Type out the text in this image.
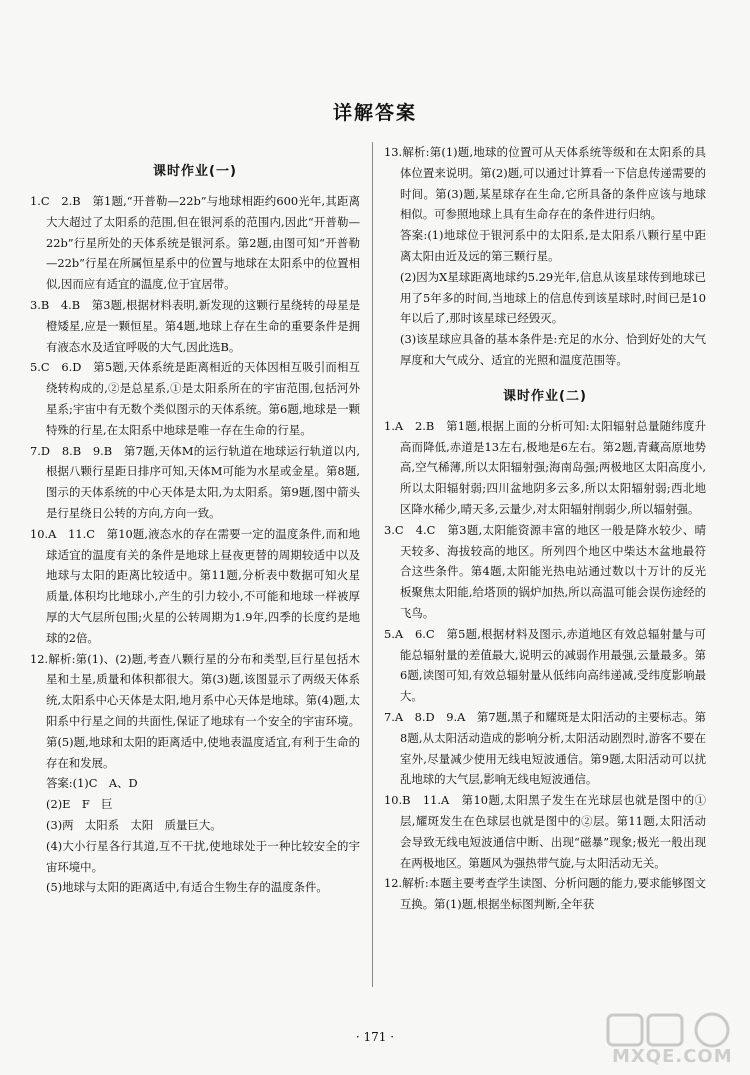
详解答案
课时作业(一)

1.C　2.B　第1题,“开普勒—22b”与地球相距约600光年,其距离大大超过了太阳系的范围,但在银河系的范围内,因此“开普勒—22b”行星所处的天体系统是银河系。第2题,由图可知“开普勒—22b”行星在所属恒星系中的位置与地球在太阳系中的位置相似,因而应有适宜的温度,位于宜居带。

3.B　4.B　第3题,根据材料表明,新发现的这颗行星绕转的母星是橙矮星,应是一颗恒星。第4题,地球上存在生命的重要条件是拥有液态水及适宜呼吸的大气,因此选B。

5.C　6.D　第5题,天体系统是距离相近的天体因相互吸引而相互绕转构成的,②是总星系,①是太阳系所在的宇宙范围,包括河外星系;宇宙中有无数个类似图示的天体系统。第6题,地球是一颗特殊的行星,在太阳系中地球是唯一存在生命的行星。

7.D　8.B　9.B　第7题,天体M的运行轨道在地球运行轨道以内,根据八颗行星距日排序可知,天体M可能为水星或金星。第8题,图示的天体系统的中心天体是太阳,为太阳系。第9题,图中箭头是行星绕日公转的方向,方向一致。

10.A　11.C　第10题,液态水的存在需要一定的温度条件,而和地球适宜的温度有关的条件是地球上昼夜更替的周期较适中以及地球与太阳的距离比较适中。第11题,分析表中数据可知火星质量,体积均比地球小,产生的引力较小,不可能和地球一样被厚厚的大气层所包围;火星的公转周期为1.9年,四季的长度约是地球的2倍。

12.解析:第(1)、(2)题,考查八颗行星的分布和类型,巨行星包括木星和土星,质量和体积都很大。第(3)题,该图显示了两级天体系统,太阳系中心天体是太阳,地月系中心天体是地球。第(4)题,太阳系中行星之间的共面性,保证了地球有一个安全的宇宙环境。第(5)题,地球和太阳的距离适中,使地表温度适宜,有利于生命的存在和发展。

答案:(1)C　A、D

(2)E　F　巨

(3)两　太阳系　太阳　质量巨大。

(4)大小行星各行其道,互不干扰,使地球处于一种比较安全的宇宙环境中。

(5)地球与太阳的距离适中,有适合生物生存的温度条件。

13.解析:第(1)题,地球的位置可从天体系统等级和在太阳系的具体位置来说明。第(2)题,可以通过计算看一下信息传递需要的时间。第(3)题,某星球存在生命,它所具备的条件应该与地球相似。可参照地球上具有生命存在的条件进行归纳。

答案:(1)地球位于银河系中的太阳系,是太阳系八颗行星中距离太阳由近及远的第三颗行星。

(2)因为X星球距离地球约5.29光年,信息从该星球传到地球已用了5年多的时间,当地球上的信息传到该星球时,时间已是10年以后了,那时该星球已经毁灭。

(3)该星球应具备的基本条件是:充足的水分、恰到好处的大气厚度和大气成分、适宜的光照和温度范围等。

课时作业(二)

1.A　2.B　第1题,根据上面的分析可知:太阳辐射总量随纬度升高而降低,赤道是13左右,极地是6左右。第2题,青藏高原地势高,空气稀薄,所以太阳辐射强;海南岛强;两极地区太阳高度小,所以太阳辐射弱;四川盆地阴多云多,所以太阳辐射弱;西北地区降水稀少,晴天多,云量少,对太阳辐射削弱少,所以辐射强。

3.C　4.C　第3题,太阳能资源丰富的地区一般是降水较少、晴天较多、海拔较高的地区。所列四个地区中柴达木盆地最符合这些条件。第4题,太阳能光热电站通过数以十万计的反光板聚焦太阳能,给塔顶的锅炉加热,所以高温可能会误伤途经的飞鸟。

5.A　6.C　第5题,根据材料及图示,赤道地区有效总辐射量与可能总辐射量的差值最大,说明云的减弱作用最强,云量最多。第6题,读图可知,有效总辐射量从低纬向高纬递减,受纬度影响最大。

7.A　8.D　9.A　第7题,黑子和耀斑是太阳活动的主要标志。第8题,从太阳活动造成的影响分析,太阳活动剧烈时,游客不要在室外,尽量减少使用无线电短波通信。第9题,太阳活动可以扰乱地球的大气层,影响无线电短波通信。

10.B　11.A　第10题,太阳黑子发生在光球层也就是图中的①层,耀斑发生在色球层也就是图中的②层。第11题,太阳活动会导致无线电短波通信中断、出现“磁暴”现象;极光一般出现在两极地区。第题风为强热带气旋,与太阳活动无关。

12.解析:本题主要考查学生读图、分析问题的能力,要求能够图文互换。第(1)题,根据坐标图判断,全年获

· 171 ·
MXQE.COM
